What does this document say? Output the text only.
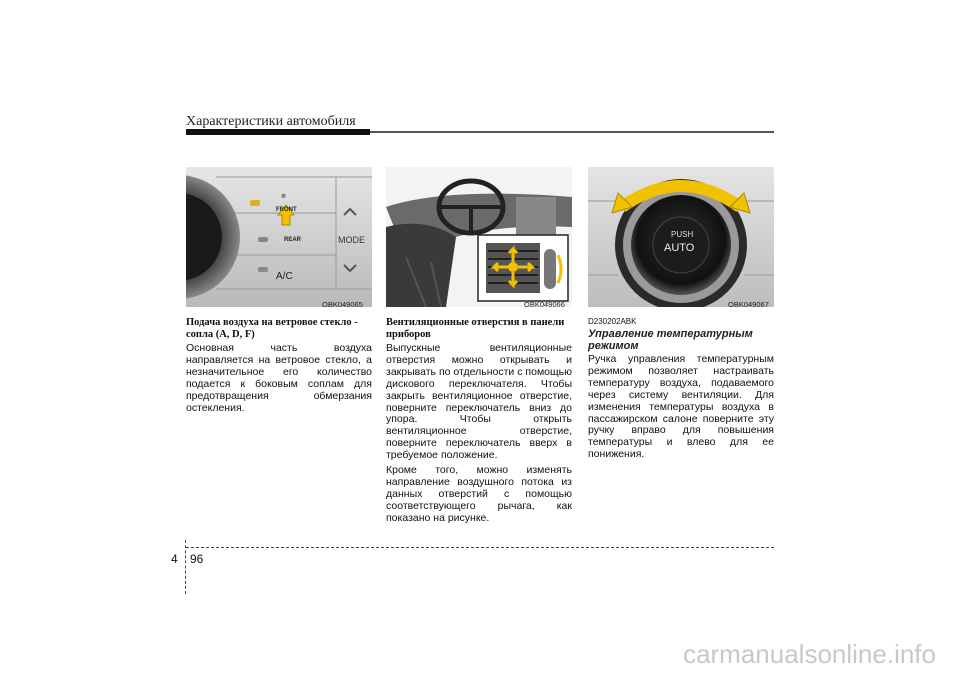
Характеристики автомобиля
⟰
FRONT
REAR	MODE
A/C
OBK049065	OBK049066
PUSH
AUTO
OBK049067
Подача воздуха на ветровое стекло - сопла (A, D, F)

Основная часть воздуха направляется на ветровое стекло, а незначительное его количество подается к боковым соплам для предотвращения обмерзания остекления.

Вентиляционные отверстия в панели приборов

Выпускные вентиляционные отверстия можно открывать и закрывать по отдельности с помощью дискового переключателя. Чтобы закрыть вентиляционное отверстие, поверните переключатель вниз до упора. Чтобы открыть вентиляционное отверстие, поверните переключатель вверх в требуемое положение.

Кроме того, можно изменять направление воздушного потока из данных отверстий с помощью соответствующего рычага, как показано на рисунке.

D230202ABK
Управление температурным режимом

Ручка управления температурным режимом позволяет настраивать температуру воздуха, подаваемого через систему вентиляции. Для изменения температуры воздуха в пассажирском салоне поверните эту ручку вправо для повышения температуры и влево для ее понижения.

4 96
carmanualsonline.info
